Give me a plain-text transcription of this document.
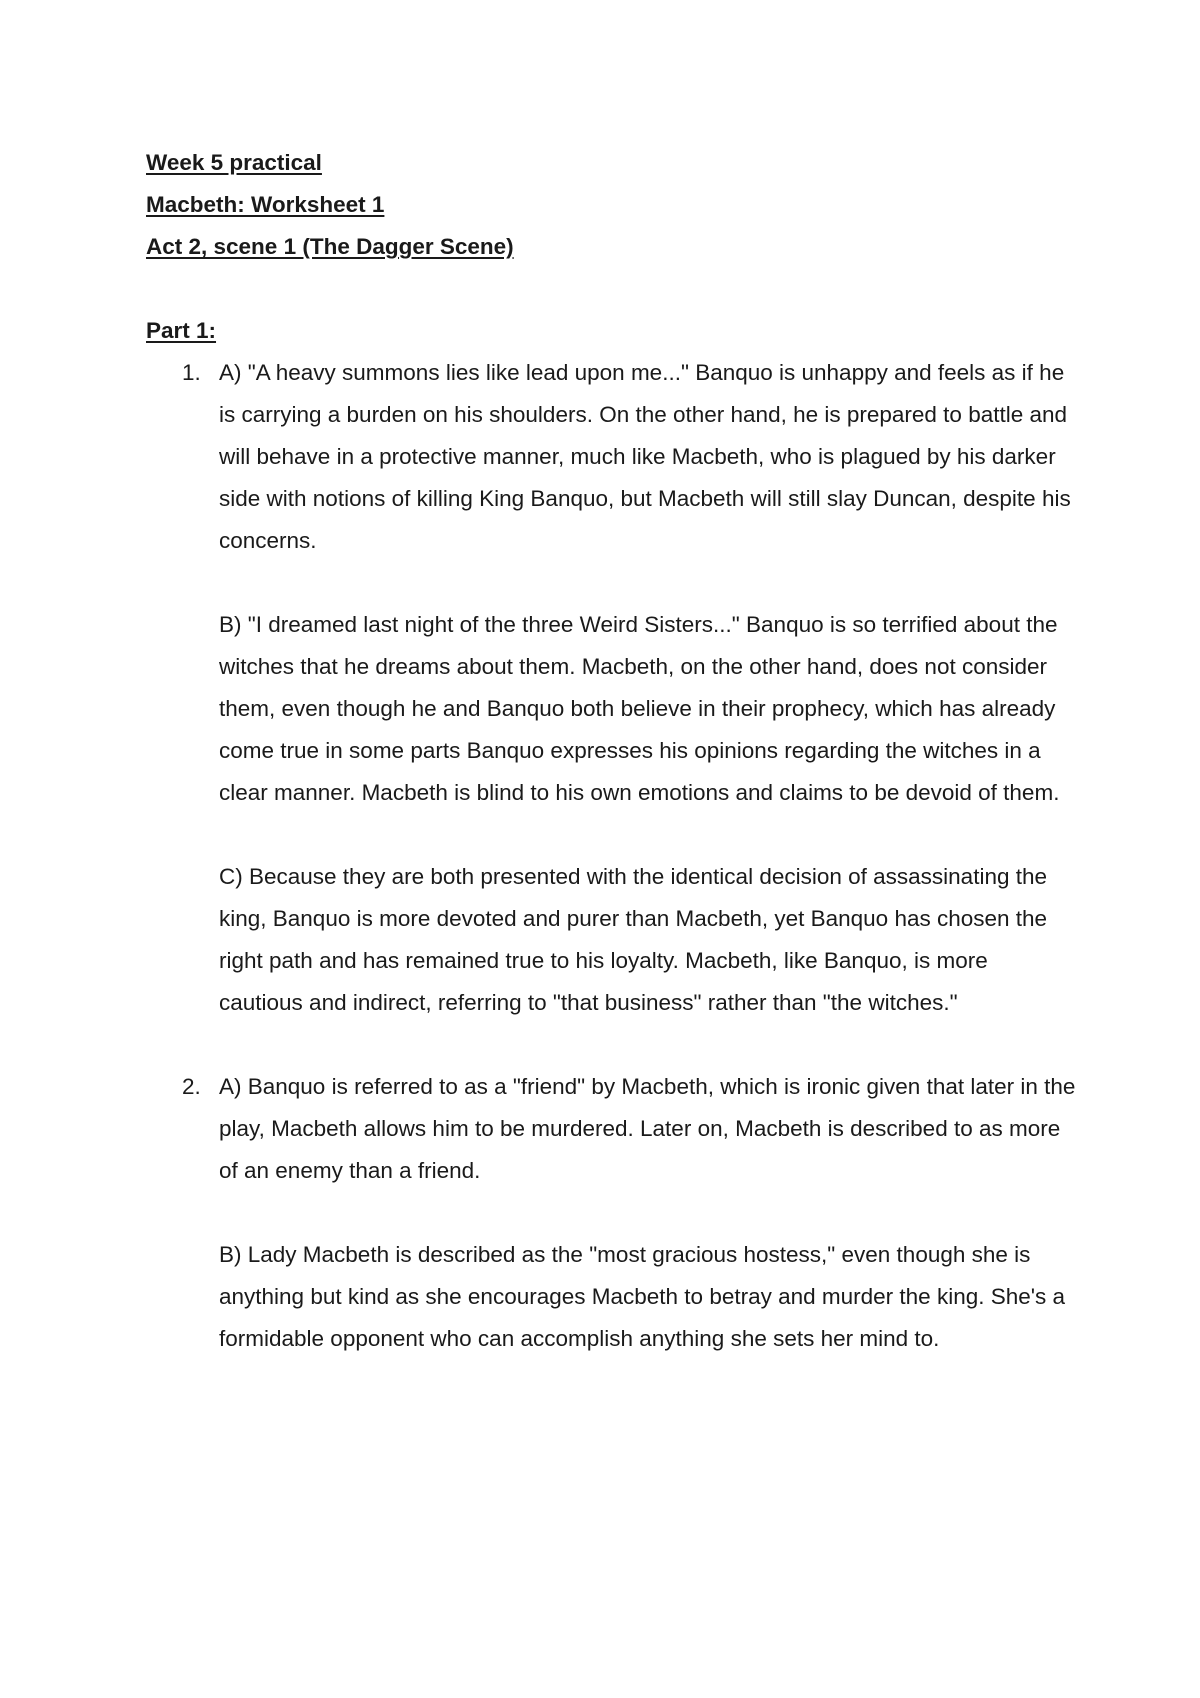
Week 5 practical

Macbeth: Worksheet 1

Act 2, scene 1 (The Dagger Scene)

Part 1:

1. A) "A heavy summons lies like lead upon me..." Banquo is unhappy and feels as if he is carrying a burden on his shoulders. On the other hand, he is prepared to battle and will behave in a protective manner, much like Macbeth, who is plagued by his darker side with notions of killing King Banquo, but Macbeth will still slay Duncan, despite his concerns.

B) "I dreamed last night of the three Weird Sisters..." Banquo is so terrified about the witches that he dreams about them. Macbeth, on the other hand, does not consider them, even though he and Banquo both believe in their prophecy, which has already come true in some parts Banquo expresses his opinions regarding the witches in a clear manner. Macbeth is blind to his own emotions and claims to be devoid of them.

C) Because they are both presented with the identical decision of assassinating the king, Banquo is more devoted and purer than Macbeth, yet Banquo has chosen the right path and has remained true to his loyalty. Macbeth, like Banquo, is more cautious and indirect, referring to "that business" rather than "the witches."

2. A) Banquo is referred to as a "friend" by Macbeth, which is ironic given that later in the play, Macbeth allows him to be murdered. Later on, Macbeth is described to as more of an enemy than a friend.

B) Lady Macbeth is described as the "most gracious hostess," even though she is anything but kind as she encourages Macbeth to betray and murder the king. She's a formidable opponent who can accomplish anything she sets her mind to.
